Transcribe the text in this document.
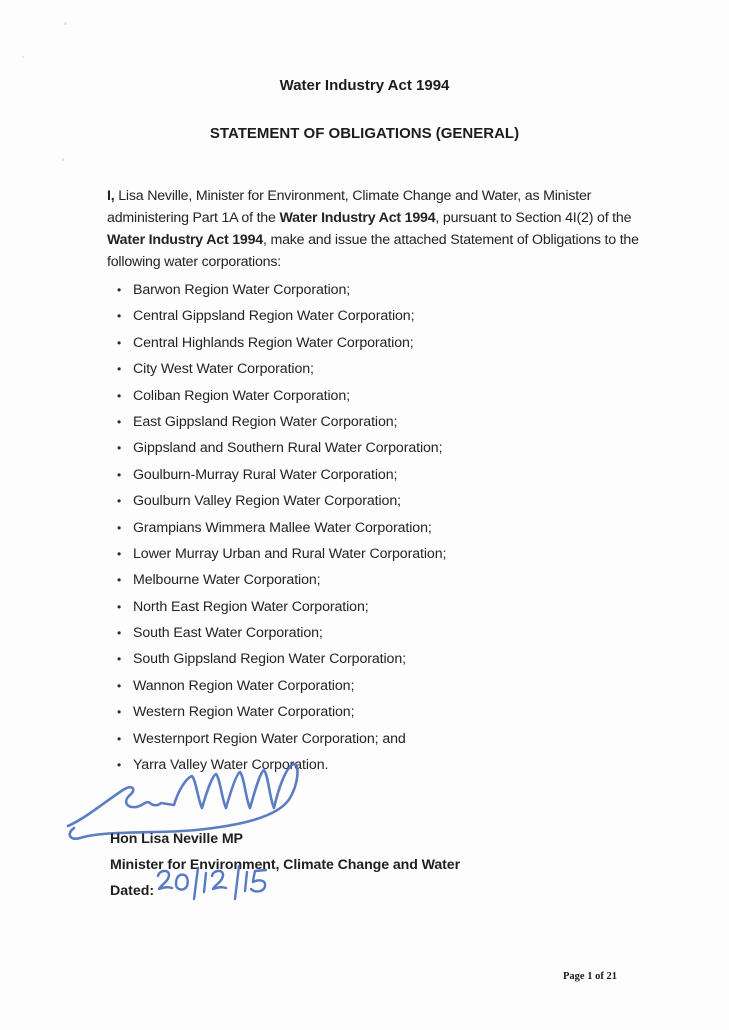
Water Industry Act 1994
STATEMENT OF OBLIGATIONS (GENERAL)

I, Lisa Neville, Minister for Environment, Climate Change and Water, as Minister administering Part 1A of the Water Industry Act 1994, pursuant to Section 4I(2) of the Water Industry Act 1994, make and issue the attached Statement of Obligations to the following water corporations:

• Barwon Region Water Corporation;
• Central Gippsland Region Water Corporation;
• Central Highlands Region Water Corporation;
• City West Water Corporation;
• Coliban Region Water Corporation;
• East Gippsland Region Water Corporation;
• Gippsland and Southern Rural Water Corporation;
• Goulburn-Murray Rural Water Corporation;
• Goulburn Valley Region Water Corporation;
• Grampians Wimmera Mallee Water Corporation;
• Lower Murray Urban and Rural Water Corporation;
• Melbourne Water Corporation;
• North East Region Water Corporation;
• South East Water Corporation;
• South Gippsland Region Water Corporation;
• Wannon Region Water Corporation;
• Western Region Water Corporation;
• Westernport Region Water Corporation; and
• Yarra Valley Water Corporation.
Hon Lisa Neville MP
Minister for Environment, Climate Change and Water
Dated:
Page 1 of 21
